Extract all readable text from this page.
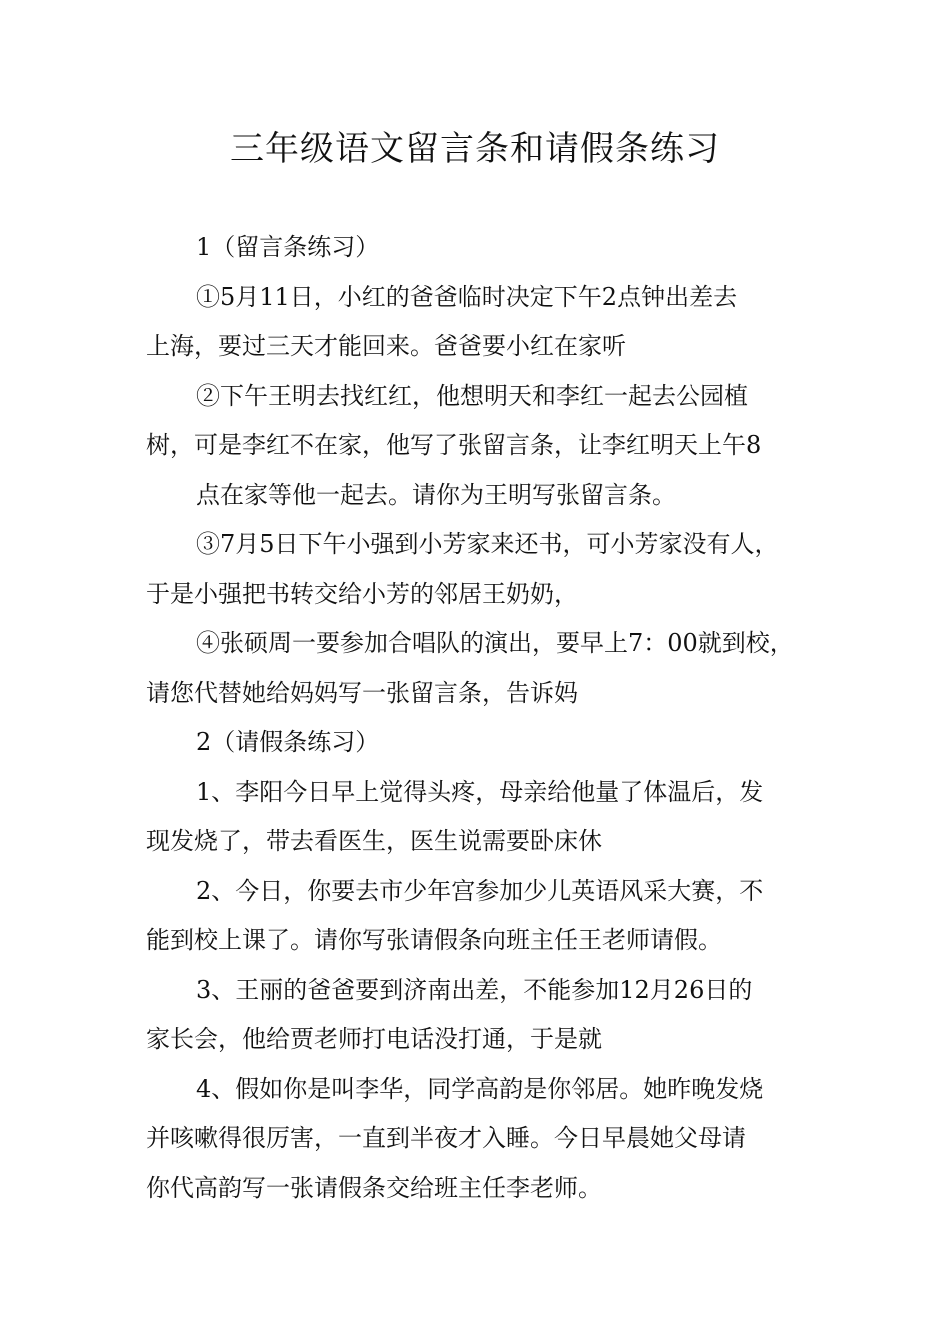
三年级语文留言条和请假条练习
1（留言条练习）
①5月11日，小红的爸爸临时决定下午2点钟出差去
上海，要过三天才能回来。爸爸要小红在家听
②下午王明去找红红，他想明天和李红一起去公园植
树，可是李红不在家，他写了张留言条，让李红明天上午8
点在家等他一起去。请你为王明写张留言条。
③7月5日下午小强到小芳家来还书，可小芳家没有人，
于是小强把书转交给小芳的邻居王奶奶，
④张硕周一要参加合唱队的演出，要早上7：00就到校，
请您代替她给妈妈写一张留言条，告诉妈
2（请假条练习）
1、李阳今日早上觉得头疼，母亲给他量了体温后，发
现发烧了，带去看医生，医生说需要卧床休
2、今日，你要去市少年宫参加少儿英语风采大赛，不
能到校上课了。请你写张请假条向班主任王老师请假。
3、王丽的爸爸要到济南出差，不能参加12月26日的
家长会，他给贾老师打电话没打通，于是就
4、假如你是叫李华，同学高韵是你邻居。她昨晚发烧
并咳嗽得很厉害，一直到半夜才入睡。今日早晨她父母请
你代高韵写一张请假条交给班主任李老师。
